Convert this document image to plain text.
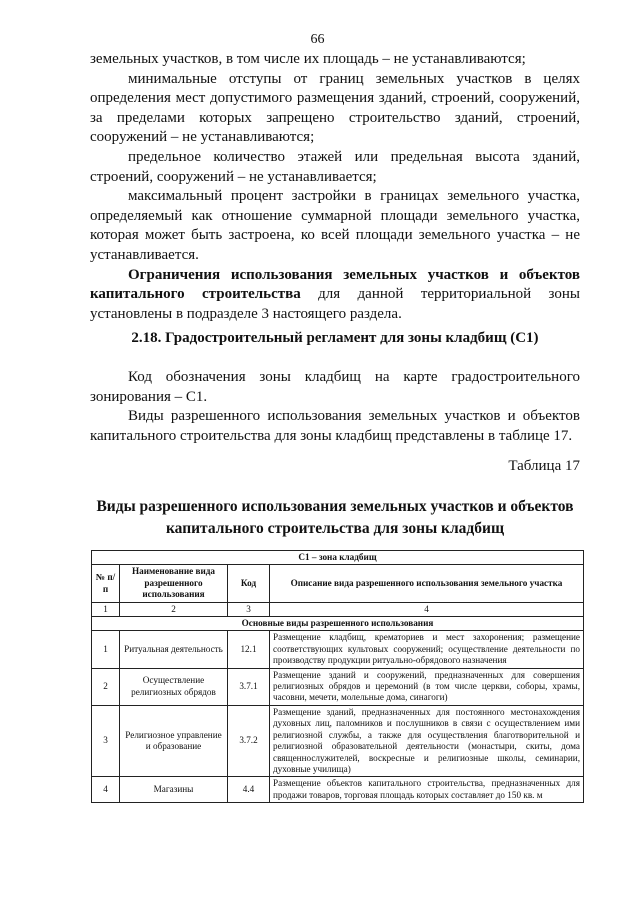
66

земельных участков, в том числе их площадь – не устанавливаются;

минимальные отступы от границ земельных участков в целях определения мест допустимого размещения зданий, строений, сооружений, за пределами которых запрещено строительство зданий, строений, сооружений – не устанавливаются;

предельное количество этажей или предельная высота зданий, строений, сооружений – не устанавливается;

максимальный процент застройки в границах земельного участка, определяемый как отношение суммарной площади земельного участка, которая может быть застроена, ко всей площади земельного участка – не устанавливается.

Ограничения использования земельных участков и объектов капитального строительства для данной территориальной зоны установлены в подразделе 3 настоящего раздела.

2.18. Градостроительный регламент для зоны кладбищ (С1)

Код обозначения зоны кладбищ на карте градостроительного зонирования – С1.

Виды разрешенного использования земельных участков и объектов капитального строительства для зоны кладбищ представлены в таблице 17.

Таблица 17
Виды разрешенного использования земельных участков и объектов капитального строительства для зоны кладбищ
С1 – зона кладбищ			
№ п/п	Наименование вида разрешенного использования	Код	Описание вида разрешенного использования земельного участка
1	2	3	4
Основные виды разрешенного использования			
1	Ритуальная деятельность	12.1	Размещение кладбищ, крематориев и мест захоронения; размещение соответствующих культовых сооружений; осуществление деятельности по производству продукции ритуально-обрядового назначения
2	Осуществление религиозных обрядов	3.7.1	Размещение зданий и сооружений, предназначенных для совершения религиозных обрядов и церемоний (в том числе церкви, соборы, храмы, часовни, мечети, молельные дома, синагоги)
3	Религиозное управление и образование	3.7.2	Размещение зданий, предназначенных для постоянного местонахождения духовных лиц, паломников и послушников в связи с осуществлением ими религиозной службы, а также для осуществления благотворительной и религиозной образовательной деятельности (монастыри, скиты, дома священнослужителей, воскресные и религиозные школы, семинарии, духовные училища)
4	Магазины	4.4	Размещение объектов капитального строительства, предназначенных для продажи товаров, торговая площадь которых составляет до 150 кв. м
